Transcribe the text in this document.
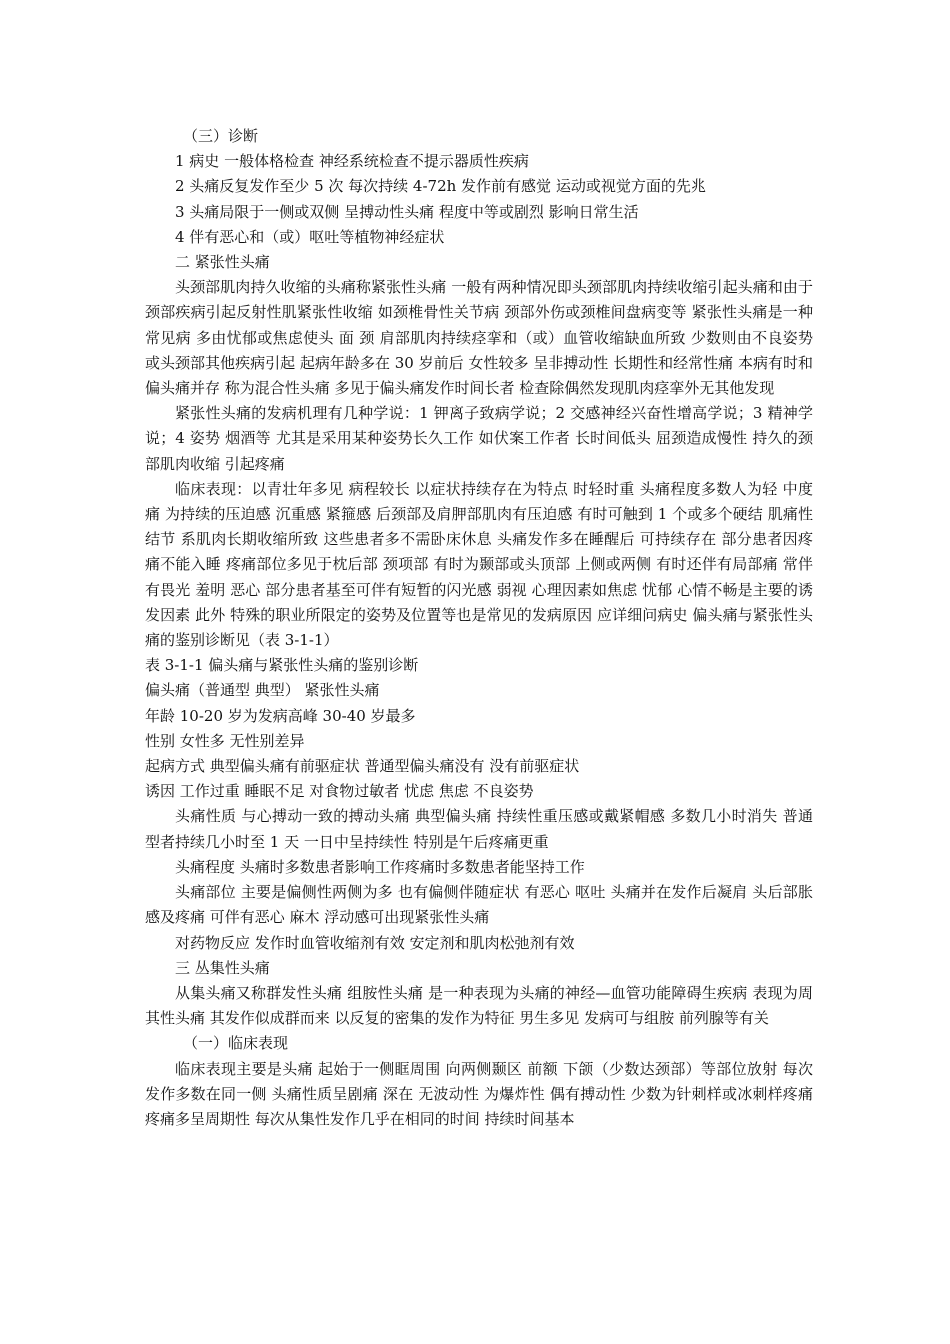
（三）诊断

1 病史 一般体格检查 神经系统检查不提示器质性疾病

2 头痛反复发作至少 5 次 每次持续 4-72h 发作前有感觉 运动或视觉方面的先兆

3 头痛局限于一侧或双侧 呈搏动性头痛 程度中等或剧烈 影响日常生活

4 伴有恶心和（或）呕吐等植物神经症状

二 紧张性头痛

头颈部肌肉持久收缩的头痛称紧张性头痛 一般有两种情况即头颈部肌肉持续收缩引起头痛和由于颈部疾病引起反射性肌紧张性收缩 如颈椎骨性关节病 颈部外伤或颈椎间盘病变等 紧张性头痛是一种常见病 多由忧郁或焦虑使头 面 颈 肩部肌肉持续痉挛和（或）血管收缩缺血所致 少数则由不良姿势或头颈部其他疾病引起 起病年龄多在 30 岁前后 女性较多 呈非搏动性 长期性和经常性痛 本病有时和偏头痛并存 称为混合性头痛 多见于偏头痛发作时间长者 检查除偶然发现肌肉痉挛外无其他发现

紧张性头痛的发病机理有几种学说：1 钾离子致病学说；2 交感神经兴奋性增高学说；3 精神学说；4 姿势 烟酒等 尤其是采用某种姿势长久工作 如伏案工作者 长时间低头 屈颈造成慢性 持久的颈部肌肉收缩 引起疼痛

临床表现：以青壮年多见 病程较长 以症状持续存在为特点 时轻时重 头痛程度多数人为轻 中度痛 为持续的压迫感 沉重感 紧箍感 后颈部及肩胛部肌肉有压迫感 有时可触到 1 个或多个硬结 肌痛性结节 系肌肉长期收缩所致 这些患者多不需卧床休息 头痛发作多在睡醒后 可持续存在 部分患者因疼痛不能入睡 疼痛部位多见于枕后部 颈项部 有时为颞部或头顶部 上侧或两侧 有时还伴有局部痛 常伴有畏光 羞明 恶心 部分患者基至可伴有短暂的闪光感 弱视 心理因素如焦虑 忧郁 心情不畅是主要的诱发因素 此外 特殊的职业所限定的姿势及位置等也是常见的发病原因 应详细问病史 偏头痛与紧张性头痛的鉴别诊断见（表 3-1-1）

表 3-1-1 偏头痛与紧张性头痛的鉴别诊断

偏头痛（普通型 典型） 紧张性头痛

年龄 10-20 岁为发病高峰 30-40 岁最多

性别 女性多 无性别差异

起病方式 典型偏头痛有前驱症状 普通型偏头痛没有 没有前驱症状

诱因 工作过重 睡眠不足 对食物过敏者 忧虑 焦虑 不良姿势

头痛性质 与心搏动一致的搏动头痛 典型偏头痛 持续性重压感或戴紧帽感 多数几小时消失 普通型者持续几小时至 1 天 一日中呈持续性 特别是午后疼痛更重

头痛程度 头痛时多数患者影响工作疼痛时多数患者能坚持工作

头痛部位 主要是偏侧性两侧为多 也有偏侧伴随症状 有恶心 呕吐 头痛并在发作后凝肩 头后部胀感及疼痛 可伴有恶心 麻木 浮动感可出现紧张性头痛

对药物反应 发作时血管收缩剂有效 安定剂和肌肉松弛剂有效

三 丛集性头痛

从集头痛又称群发性头痛 组胺性头痛 是一种表现为头痛的神经—血管功能障碍生疾病 表现为周其性头痛 其发作似成群而来 以反复的密集的发作为特征 男生多见 发病可与组胺 前列腺等有关

（一）临床表现

临床表现主要是头痛 起始于一侧眶周围 向两侧颞区 前额 下颌（少数达颈部）等部位放射 每次发作多数在同一侧 头痛性质呈剧痛 深在 无波动性 为爆炸性 偶有搏动性 少数为针刺样或冰刺样疼痛 疼痛多呈周期性 每次从集性发作几乎在相同的时间 持续时间基本
